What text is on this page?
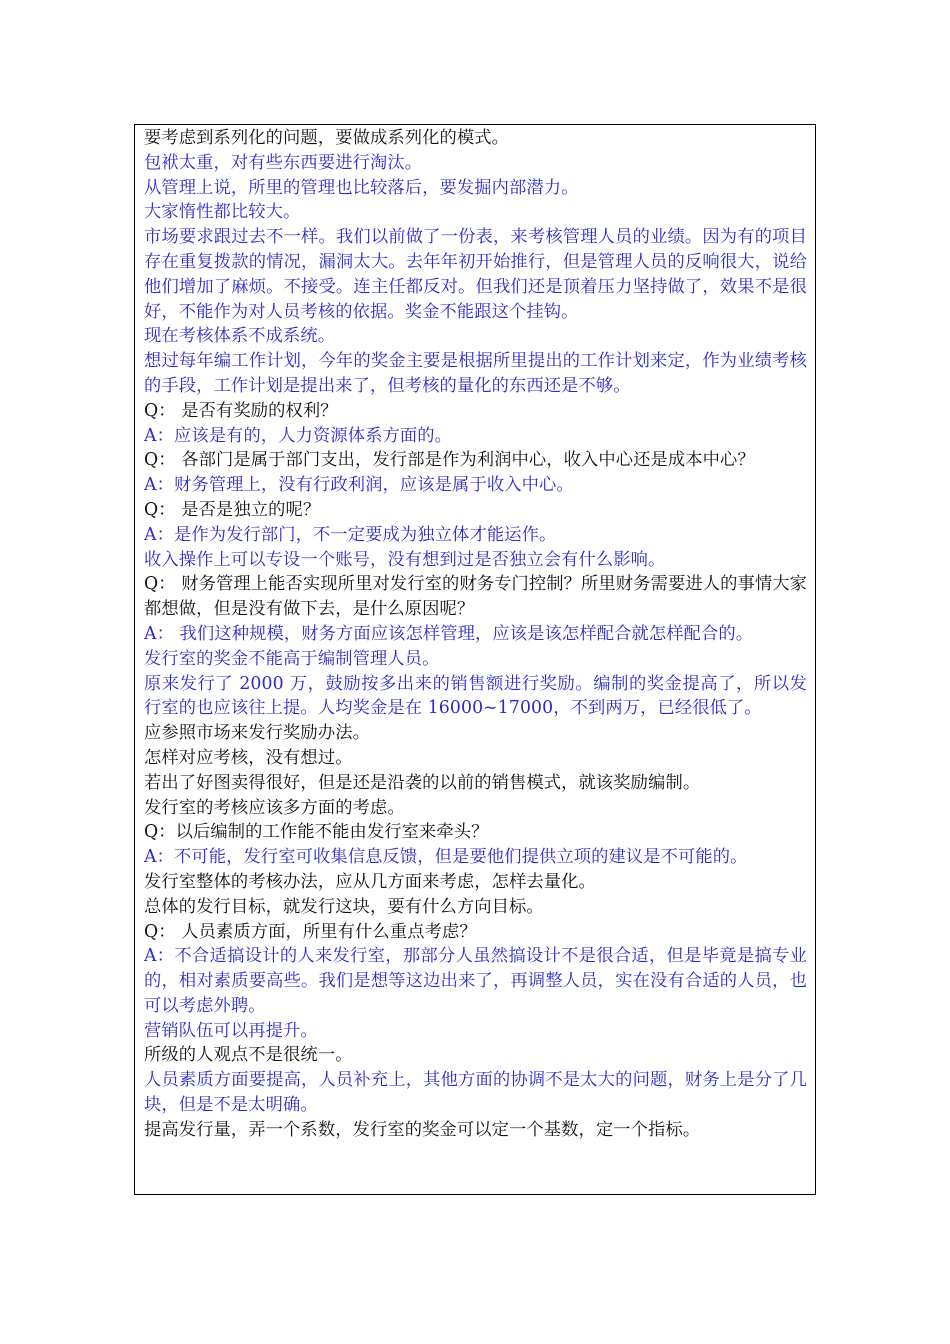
要考虑到系列化的问题，要做成系列化的模式。

包袱太重，对有些东西要进行淘汰。

从管理上说，所里的管理也比较落后，要发掘内部潜力。

大家惰性都比较大。

市场要求跟过去不一样。我们以前做了一份表，来考核管理人员的业绩。因为有的项目存在重复拨款的情况，漏洞太大。去年年初开始推行，但是管理人员的反响很大，说给他们增加了麻烦。不接受。连主任都反对。但我们还是顶着压力坚持做了，效果不是很好，不能作为对人员考核的依据。奖金不能跟这个挂钩。

现在考核体系不成系统。

想过每年编工作计划，今年的奖金主要是根据所里提出的工作计划来定，作为业绩考核的手段，工作计划是提出来了，但考核的量化的东西还是不够。

Q： 是否有奖励的权利？

A：应该是有的，人力资源体系方面的。

Q： 各部门是属于部门支出，发行部是作为利润中心，收入中心还是成本中心？

A：财务管理上，没有行政利润，应该是属于收入中心。

Q： 是否是独立的呢？

A：是作为发行部门，不一定要成为独立体才能运作。

收入操作上可以专设一个账号，没有想到过是否独立会有什么影响。

Q： 财务管理上能否实现所里对发行室的财务专门控制？所里财务需要进人的事情大家都想做，但是没有做下去，是什么原因呢？

A： 我们这种规模，财务方面应该怎样管理，应该是该怎样配合就怎样配合的。

发行室的奖金不能高于编制管理人员。

原来发行了 2000 万，鼓励按多出来的销售额进行奖励。编制的奖金提高了，所以发行室的也应该往上提。人均奖金是在 16000~17000，不到两万，已经很低了。

应参照市场来发行奖励办法。

怎样对应考核，没有想过。

若出了好图卖得很好，但是还是沿袭的以前的销售模式，就该奖励编制。

发行室的考核应该多方面的考虑。

Q：以后编制的工作能不能由发行室来牵头？

A：不可能，发行室可收集信息反馈，但是要他们提供立项的建议是不可能的。

发行室整体的考核办法，应从几方面来考虑，怎样去量化。

总体的发行目标，就发行这块，要有什么方向目标。

Q： 人员素质方面，所里有什么重点考虑？

A：不合适搞设计的人来发行室，那部分人虽然搞设计不是很合适，但是毕竟是搞专业的，相对素质要高些。我们是想等这边出来了，再调整人员，实在没有合适的人员，也可以考虑外聘。

营销队伍可以再提升。

所级的人观点不是很统一。

人员素质方面要提高，人员补充上，其他方面的协调不是太大的问题，财务上是分了几块，但是不是太明确。

提高发行量，弄一个系数，发行室的奖金可以定一个基数，定一个指标。
